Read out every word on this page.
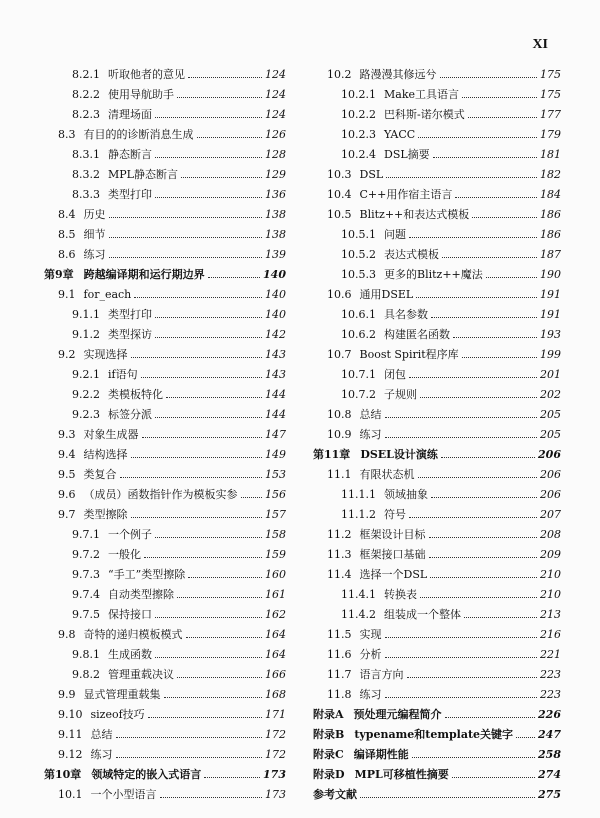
XI
8.2.1 听取他者的意见	124
8.2.2 使用导航助手	124
8.2.3 清理场面	124
8.3 有目的的诊断消息生成	126
8.3.1 静态断言	128
8.3.2 MPL静态断言	129
8.3.3 类型打印	136
8.4 历史	138
8.5 细节	138
8.6 练习	139
第9章 跨越编译期和运行期边界	140
9.1 for_each	140
9.1.1 类型打印	140
9.1.2 类型探访	142
9.2 实现选择	143
9.2.1 if语句	143
9.2.2 类模板特化	144
9.2.3 标签分派	144
9.3 对象生成器	147
9.4 结构选择	149
9.5 类复合	153
9.6 （成员）函数指针作为模板实参	156
9.7 类型擦除	157
9.7.1 一个例子	158
9.7.2 一般化	159
9.7.3 “手工”类型擦除	160
9.7.4 自动类型擦除	161
9.7.5 保持接口	162
9.8 奇特的递归模板模式	164
9.8.1 生成函数	164
9.8.2 管理重载决议	166
9.9 显式管理重载集	168
9.10 sizeof技巧	171
9.11 总结	172
9.12 练习	172
第10章 领域特定的嵌入式语言	173
10.1 一个小型语言	173
10.2 路漫漫其修远兮	175
10.2.1 Make工具语言	175
10.2.2 巴科斯-诺尔模式	177
10.2.3 YACC	179
10.2.4 DSL摘要	181
10.3 DSL	182
10.4 C++用作宿主语言	184
10.5 Blitz++和表达式模板	186
10.5.1 问题	186
10.5.2 表达式模板	187
10.5.3 更多的Blitz++魔法	190
10.6 通用DSEL	191
10.6.1 具名参数	191
10.6.2 构建匿名函数	193
10.7 Boost Spirit程序库	199
10.7.1 闭包	201
10.7.2 子规则	202
10.8 总结	205
10.9 练习	205
第11章 DSEL设计演练	206
11.1 有限状态机	206
11.1.1 领域抽象	206
11.1.2 符号	207
11.2 框架设计目标	208
11.3 框架接口基础	209
11.4 选择一个DSL	210
11.4.1 转换表	210
11.4.2 组装成一个整体	213
11.5 实现	216
11.6 分析	221
11.7 语言方向	223
11.8 练习	223
附录A 预处理元编程简介	226
附录B typename和template关键字 247
附录C 编译期性能	258
附录D MPL可移植性摘要	274
参考文献	275
